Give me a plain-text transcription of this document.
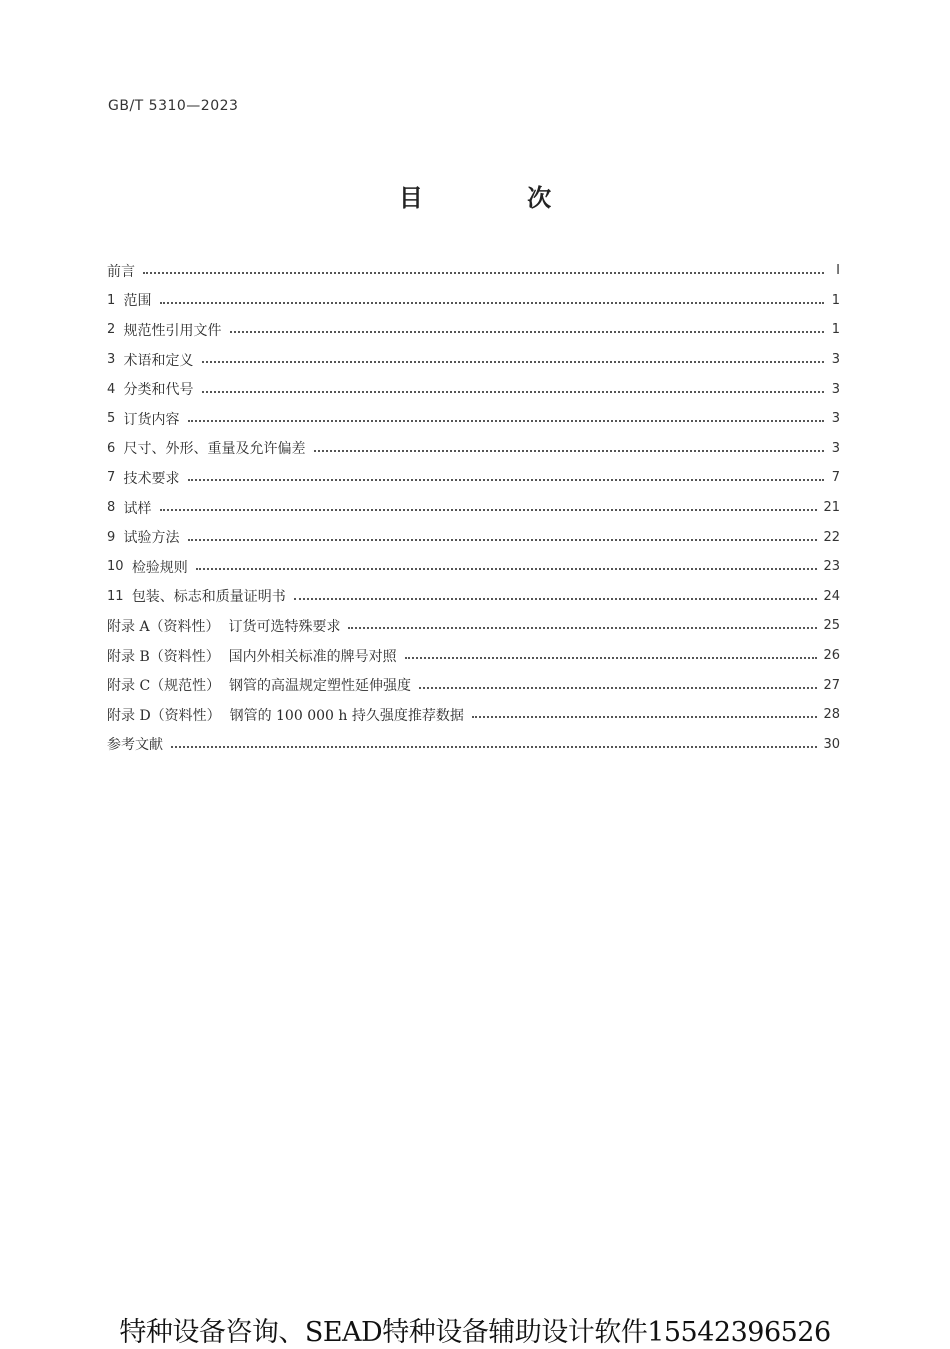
GB/T 5310—2023
目 次
前言	Ⅰ
1 范围	1
2 规范性引用文件	1
3 术语和定义	3
4 分类和代号	3
5 订货内容	3
6 尺寸、外形、重量及允许偏差	3
7 技术要求	7
8 试样	21
9 试验方法	22
10 检验规则	23
11 包装、标志和质量证明书	24
附录 A（资料性）  订货可选特殊要求	25
附录 B（资料性）  国内外相关标准的牌号对照	26
附录 C（规范性）  钢管的高温规定塑性延伸强度	27
附录 D（资料性）  钢管的 100 000 h 持久强度推荐数据	28
参考文献	30
特种设备咨询、SEAD特种设备辅助设计软件15542396526
